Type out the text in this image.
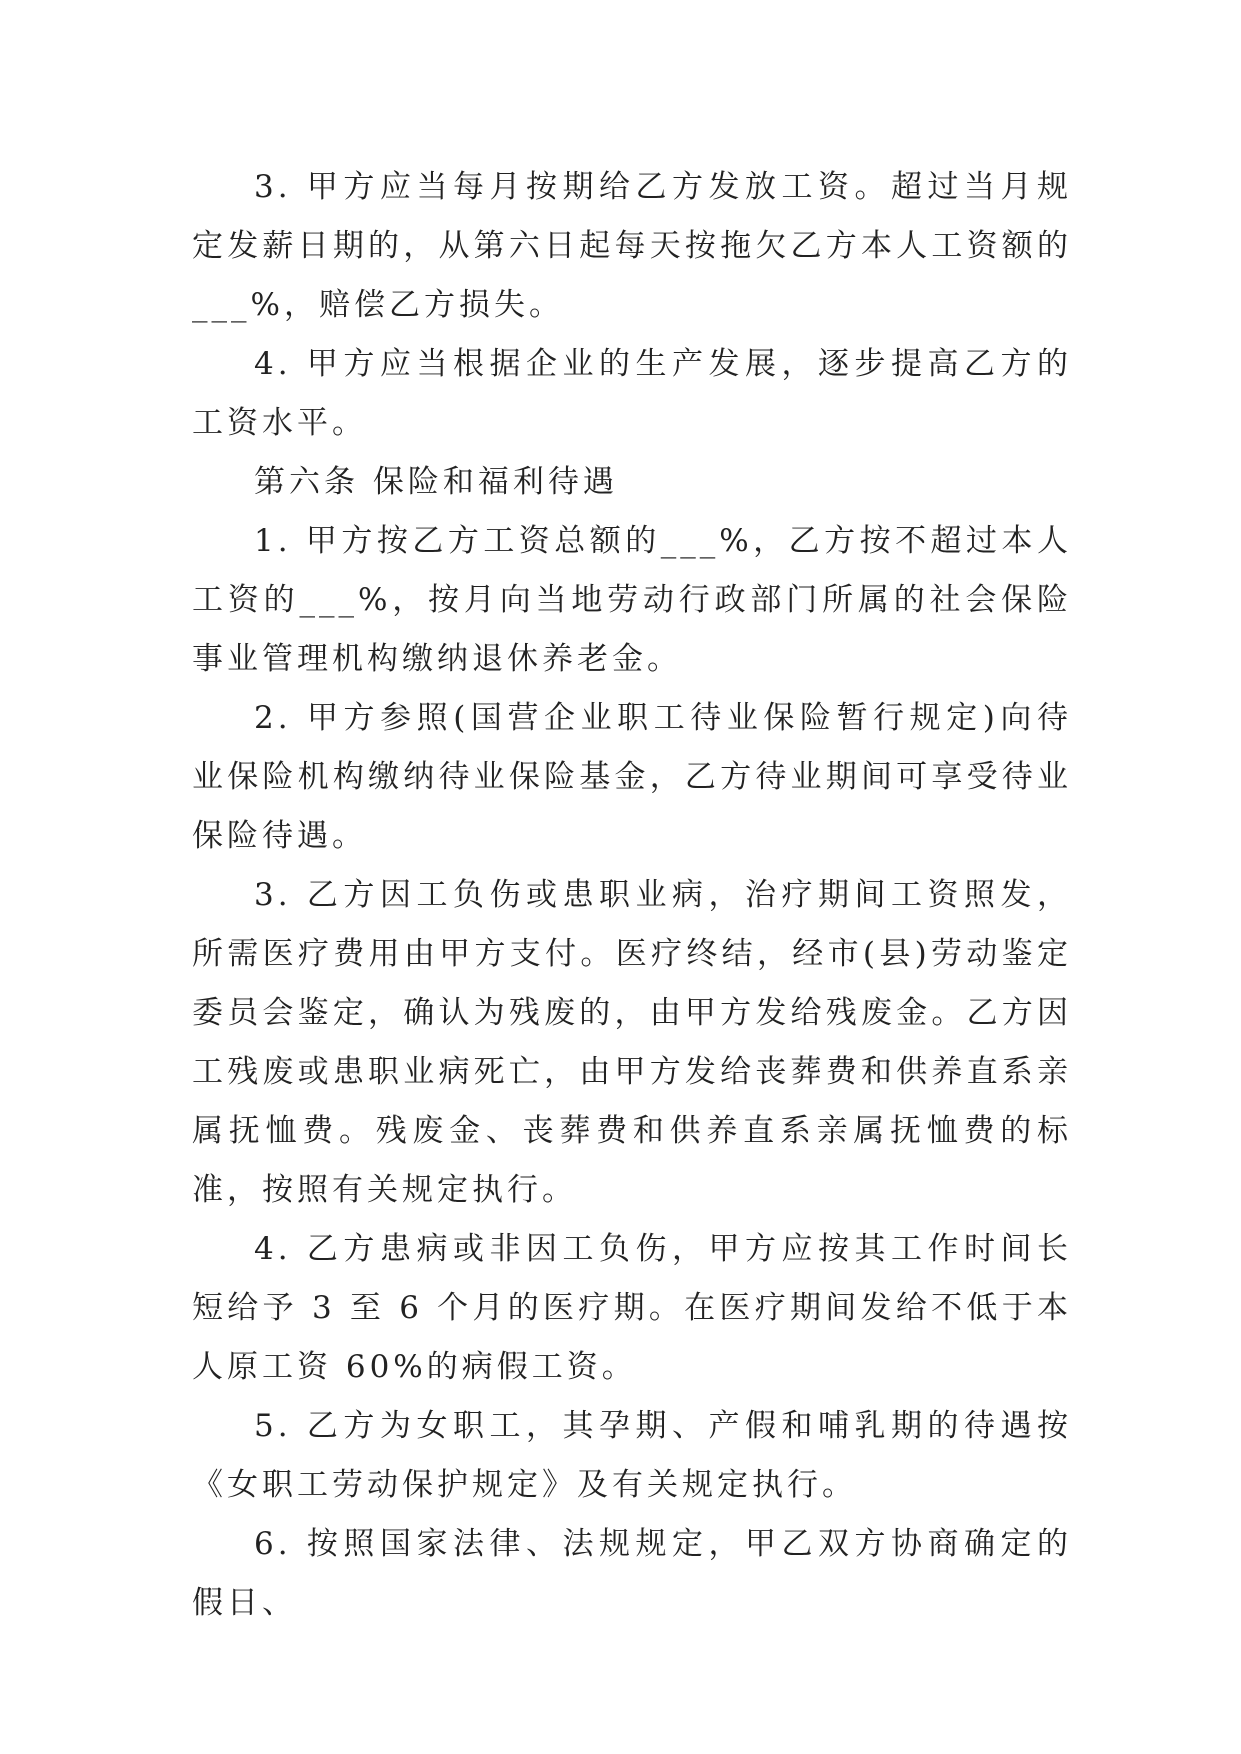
3. 甲方应当每月按期给乙方发放工资。超过当月规定发薪日期的，从第六日起每天按拖欠乙方本人工资额的___%，赔偿乙方损失。

4. 甲方应当根据企业的生产发展，逐步提高乙方的工资水平。

第六条 保险和福利待遇

1. 甲方按乙方工资总额的___%，乙方按不超过本人工资的___%，按月向当地劳动行政部门所属的社会保险事业管理机构缴纳退休养老金。

2. 甲方参照(国营企业职工待业保险暂行规定)向待业保险机构缴纳待业保险基金，乙方待业期间可享受待业保险待遇。

3. 乙方因工负伤或患职业病，治疗期间工资照发，所需医疗费用由甲方支付。医疗终结，经市(县)劳动鉴定委员会鉴定，确认为残废的，由甲方发给残废金。乙方因工残废或患职业病死亡，由甲方发给丧葬费和供养直系亲属抚恤费。残废金、丧葬费和供养直系亲属抚恤费的标准，按照有关规定执行。

4. 乙方患病或非因工负伤，甲方应按其工作时间长短给予 3 至 6 个月的医疗期。在医疗期间发给不低于本人原工资 60%的病假工资。

5. 乙方为女职工，其孕期、产假和哺乳期的待遇按《女职工劳动保护规定》及有关规定执行。

6. 按照国家法律、法规规定，甲乙双方协商确定的假日、
